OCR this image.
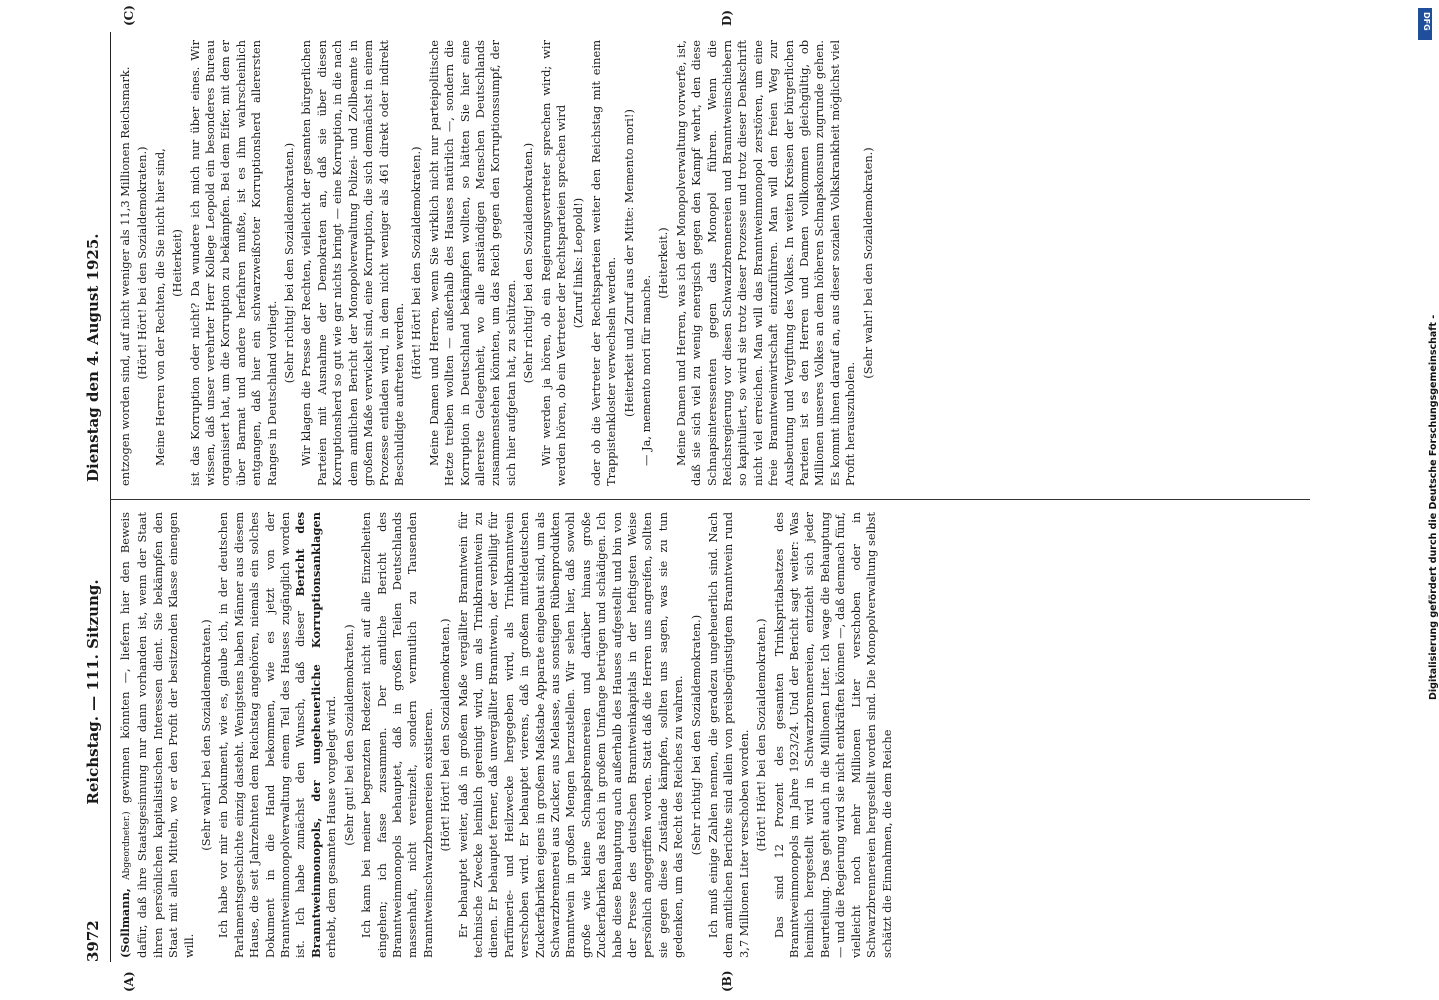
3972
Reichstag. — 111. Sitzung.
Dienstag den 4. August 1925.
(A)	(B)
(C)	D)

(Sollmann, Abgeordneter.) gewinnen könnten —, liefern hier den Beweis dafür, daß ihre Staatsgesinnung nur dann vorhanden ist, wenn der Staat ihren persönlichen kapitalistischen Interessen dient. Sie bekämpfen den Staat mit allen Mitteln, wo er den Profit der besitzenden Klasse einengen will.

(Sehr wahr! bei den Sozialdemokraten.) Ich habe vor mir ein Dokument, wie es, glaube ich, in der deutschen Parlamentsgeschichte einzig dasteht. Wenigstens haben Männer aus diesem Hause, die seit Jahrzehnten dem Reichstag angehören, niemals ein solches Dokument in die Hand bekommen, wie es jetzt von der Branntweinmonopolverwaltung einem Teil des Hauses zugänglich worden ist. Ich habe zunächst den Wunsch, daß dieser Bericht des Branntweinmonopols, der ungeheuerliche Korruptionsanklagen erhebt, dem gesamten Hause vorgelegt wird. (Sehr gut! bei den Sozialdemokraten.) Ich kann bei meiner begrenzten Redezeit nicht auf alle Einzelheiten eingehen; ich fasse zusammen. Der amtliche Bericht des Branntweinmonopols behauptet, daß in großen Teilen Deutschlands massenhaft, nicht vereinzelt, sondern vermutlich zu Tausenden Branntweinschwarzbrennereien existieren. (Hört! Hört! bei den Sozialdemokraten.) Er behauptet weiter, daß in großem Maße vergällter Branntwein für technische Zwecke heimlich gereinigt wird, um als Trinkbranntwein zu dienen. Er behauptet ferner, daß unvergällter Branntwein, der verbilligt für Parfümerie- und Heilzwecke hergegeben wird, als Trinkbranntwein verschoben wird. Er behauptet vierens, daß in großem mitteldeutschen Zuckerfabriken eigens in großem Maßstabe Apparate eingebaut sind, um als Schwarzbrennerei aus Zucker, aus Melasse, aus sonstigen Rübenprodukten Branntwein in großen Mengen herzustellen. Wir sehen hier, daß sowohl große wie kleine Schnapsbrennereien und darüber hinaus große Zuckerfabriken das Reich in großem Umfange betrügen und schädigen. Ich habe diese Behauptung auch außerhalb des Hauses aufgestellt und bin von der Presse des deutschen Branntweinkapitals in der heftigsten Weise persönlich angegriffen worden. Statt daß die Herren uns angreifen, sollten sie gegen diese Zustände kämpfen, sollten uns sagen, was sie zu tun gedenken, um das Recht des Reiches zu wahren. (Sehr richtig! bei den Sozialdemokraten.) Ich muß einige Zahlen nennen, die geradezu ungeheuerlich sind. Nach dem amtlichen Berichte sind allein von preisbegünstigtem Branntwein rund 3,7 Millionen Liter verschoben worden. (Hört! Hört! bei den Sozialdemokraten.) Das sind 12 Prozent des gesamten Trinkspritabsatzes des Branntweinmonopols im Jahre 1923/24. Und der Bericht sagt weiter: Was heimlich hergestellt wird in Schwarzbrennereien, entzieht sich jeder Beurteilung. Das geht auch in die Millionen Liter. Ich wage die Behauptung — und die Regierung wird sie nicht entkräften können —, daß demnach fünf, vielleicht noch mehr Millionen Liter verschoben oder in Schwarzbrennereien hergestellt worden sind. Die Monopolverwaltung selbst schätzt die Einnahmen, die dem Reiche

entzogen worden sind, auf nicht weniger als 11,3 Millionen Reichsmark. (Hört! Hört! bei den Sozialdemokraten.) Meine Herren von der Rechten, die Sie nicht hier sind, (Heiterkeit) ist das Korruption oder nicht? Da wundere ich mich nur über eines. Wir wissen, daß unser verehrter Herr Kollege Leopold ein besonderes Bureau organisiert hat, um die Korruption zu bekämpfen. Bei dem Eifer, mit dem er über Barmat und andere herfahren mußte, ist es ihm wahrscheinlich entgangen, daß hier ein schwarzweißroter Korruptionsherd allerersten Ranges in Deutschland vorliegt.

(Sehr richtig! bei den Sozialdemokraten.) Wir klagen die Presse der Rechten, vielleicht der gesamten bürgerlichen Parteien mit Ausnahme der Demokraten an, daß sie über diesen Korruptionsherd so gut wie gar nichts bringt — eine Korruption, in die nach dem amtlichen Bericht der Monopolverwaltung Polizei- und Zollbeamte in großem Maße verwickelt sind, eine Korruption, die sich demnächst in einem Prozesse entladen wird, in dem nicht weniger als 461 direkt oder indirekt Beschuldigte auftreten werden.

(Hört! Hört! bei den Sozialdemokraten.) Meine Damen und Herren, wenn Sie wirklich nicht nur parteipolitische Hetze treiben wollten — außerhalb des Hauses natürlich —, sondern die Korruption in Deutschland bekämpfen wollten, so hätten Sie hier eine allererste Gelegenheit, wo alle anständigen Menschen Deutschlands zusammenstehen könnten, um das Reich gegen den Korruptionssumpf, der sich hier aufgetan hat, zu schützen. (Sehr richtig! bei den Sozialdemokraten.) Wir werden ja hören, ob ein Regierungsvertreter sprechen wird; wir werden hören, ob ein Vertreter der Rechtsparteien sprechen wird (Zuruf links: Leopold!) oder ob die Vertreter der Rechtsparteien weiter den Reichstag mit einem Trappistenkloster verwechseln werden. (Heiterkeit und Zuruf aus der Mitte: Memento mori!) — Ja, memento mori für manche.

(Heiterkeit.) Meine Damen und Herren, was ich der Monopolverwaltung vorwerfe, ist, daß sie sich viel zu wenig energisch gegen den Kampf wehrt, den diese Schnapsinteressenten gegen das Monopol führen. Wenn die Reichsregierung vor diesen Schwarzbrennereien und Branntweinschiebern so kapituliert, so wird sie trotz dieser Prozesse und trotz dieser Denkschrift nicht viel erreichen. Man will das Branntweinmonopol zerstören, um eine freie Branntweinwirtschaft einzuführen. Man will den freien Weg zur Ausbeutung und Vergiftung des Volkes. In weiten Kreisen der bürgerlichen Parteien ist es den Herren und Damen vollkommen gleichgültig, ob Millionen unseres Volkes an dem höheren Schnapskonsum zugrunde gehen. Es kommt ihnen darauf an, aus dieser sozialen Volkskrankheit möglichst viel Profit herauszuholen.

(Sehr wahr! bei den Sozialdemokraten.)

DFG
Digitalisierung gefördert durch die Deutsche Forschungsgemeinschaft -
